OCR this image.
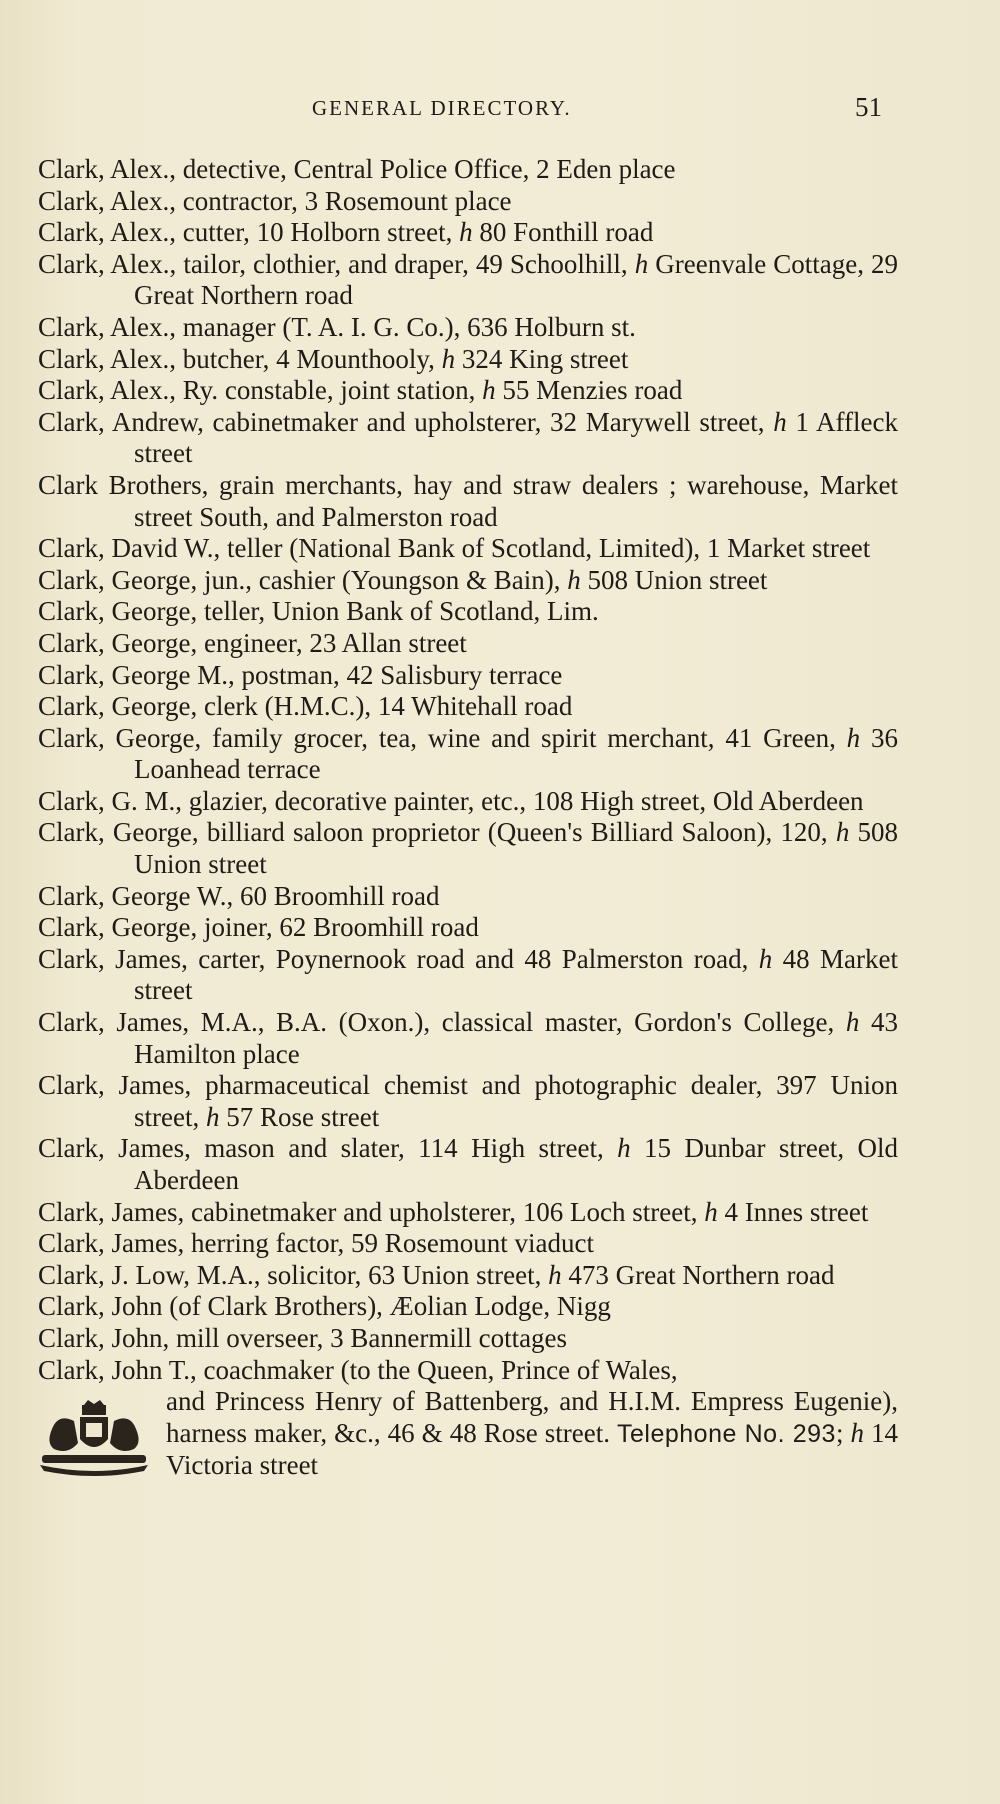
GENERAL DIRECTORY.	51
Clark, Alex., detective, Central Police Office, 2 Eden place
Clark, Alex., contractor, 3 Rosemount place
Clark, Alex., cutter, 10 Holborn street, h 80 Fonthill road
Clark, Alex., tailor, clothier, and draper, 49 Schoolhill, h Greenvale Cottage, 29 Great Northern road
Clark, Alex., manager (T. A. I. G. Co.), 636 Holburn st.
Clark, Alex., butcher, 4 Mounthooly, h 324 King street
Clark, Alex., Ry. constable, joint station, h 55 Menzies road
Clark, Andrew, cabinetmaker and upholsterer, 32 Marywell street, h 1 Affleck street
Clark Brothers, grain merchants, hay and straw dealers ; warehouse, Market street South, and Palmerston road
Clark, David W., teller (National Bank of Scotland, Limited), 1 Market street
Clark, George, jun., cashier (Youngson & Bain), h 508 Union street
Clark, George, teller, Union Bank of Scotland, Lim.
Clark, George, engineer, 23 Allan street
Clark, George M., postman, 42 Salisbury terrace
Clark, George, clerk (H.M.C.), 14 Whitehall road
Clark, George, family grocer, tea, wine and spirit merchant, 41 Green, h 36 Loanhead terrace
Clark, G. M., glazier, decorative painter, etc., 108 High street, Old Aberdeen
Clark, George, billiard saloon proprietor (Queen's Billiard Saloon), 120, h 508 Union street
Clark, George W., 60 Broomhill road
Clark, George, joiner, 62 Broomhill road
Clark, James, carter, Poynernook road and 48 Palmerston road, h 48 Market street
Clark, James, M.A., B.A. (Oxon.), classical master, Gordon's College, h 43 Hamilton place
Clark, James, pharmaceutical chemist and photographic dealer, 397 Union street, h 57 Rose street
Clark, James, mason and slater, 114 High street, h 15 Dunbar street, Old Aberdeen
Clark, James, cabinetmaker and upholsterer, 106 Loch street, h 4 Innes street
Clark, James, herring factor, 59 Rosemount viaduct
Clark, J. Low, M.A., solicitor, 63 Union street, h 473 Great Northern road
Clark, John (of Clark Brothers), Æolian Lodge, Nigg
Clark, John, mill overseer, 3 Bannermill cottages
Clark, John T., coachmaker (to the Queen, Prince of Wales,
and Princess Henry of Battenberg, and H.I.M. Empress Eugenie), harness maker, &c., 46 & 48 Rose street. Telephone No. 293; h 14 Victoria street
